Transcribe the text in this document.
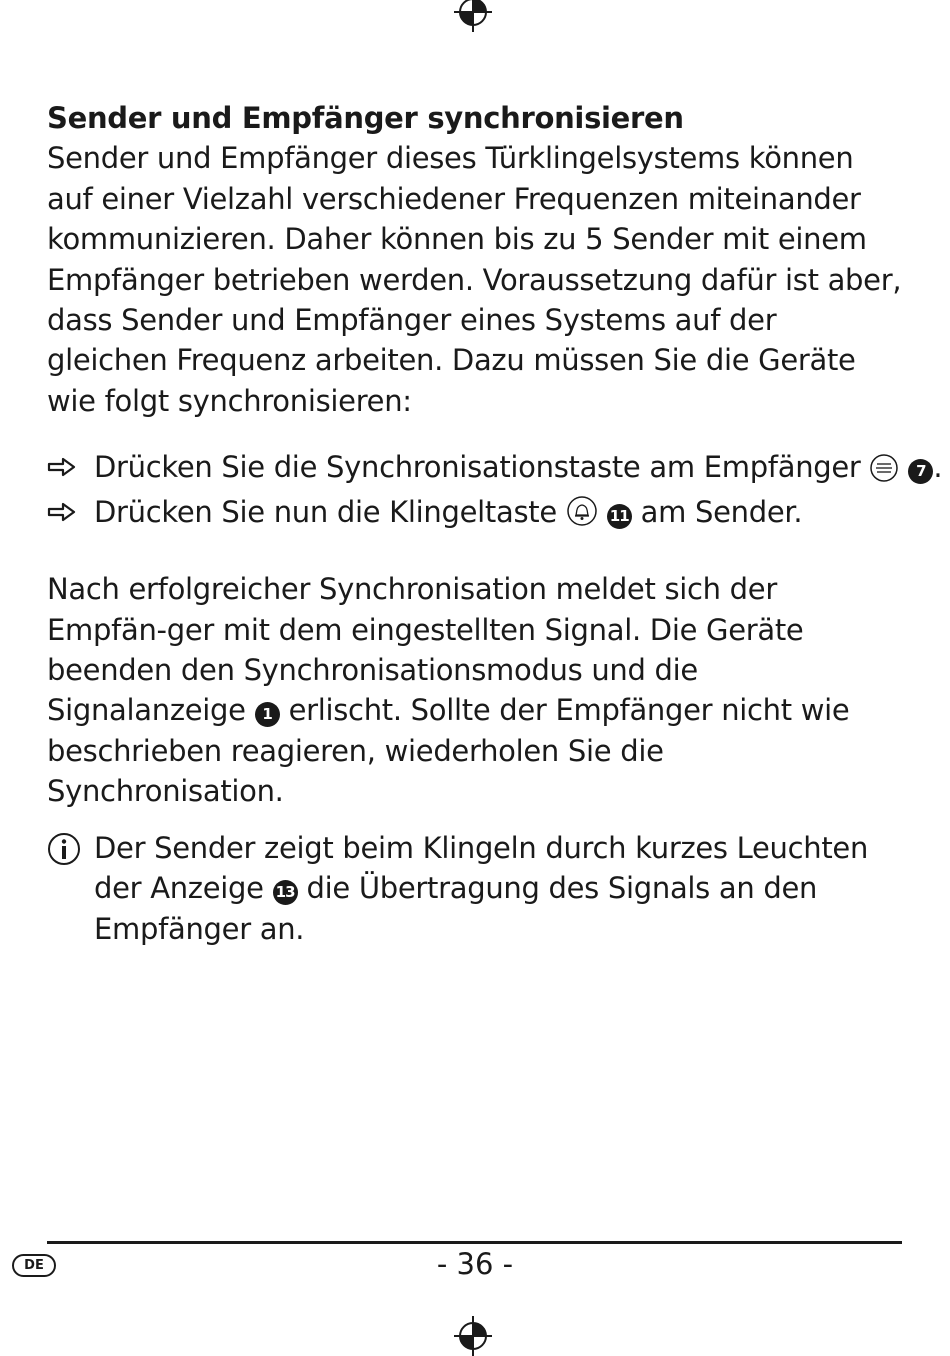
Sender und Empfänger synchronisieren

Sender und Empfänger dieses Türklingelsystems können auf einer Vielzahl verschiedener Frequenzen miteinander kommunizieren. Daher können bis zu 5 Sender mit einem Empfänger betrieben werden. Voraussetzung dafür ist aber, dass Sender und Empfänger eines Systems auf der gleichen Frequenz arbeiten. Dazu müssen Sie die Geräte wie folgt synchronisieren:

Drücken Sie die Synchronisationstaste am Empfänger	7 .
Drücken Sie nun die Klingeltaste	11 am Sender.

Nach erfolgreicher Synchronisation meldet sich der Empfän-ger mit dem eingestellten Signal. Die Geräte beenden den Synchronisationsmodus und die Signalanzeige 1 erlischt. Sollte der Empfänger nicht wie beschrieben reagieren, wiederholen Sie die Synchronisation.

Der Sender zeigt beim Klingeln durch kurzes Leuchten der Anzeige 13 die Übertragung des Signals an den Empfänger an.
DE	- 36 -
